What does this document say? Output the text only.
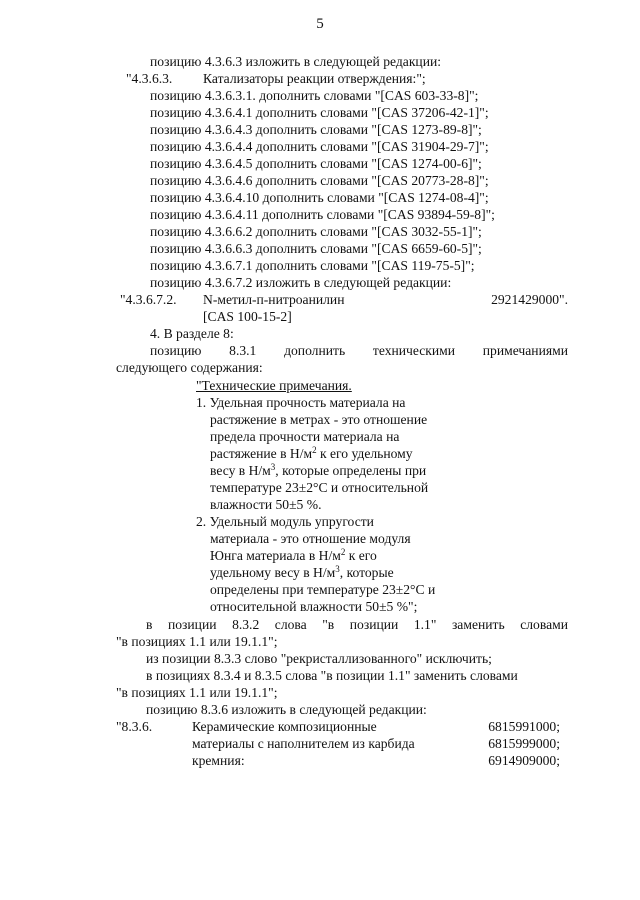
5
позицию 4.3.6.3 изложить в следующей редакции:
"4.3.6.3. Катализаторы реакции отверждения:";
позицию 4.3.6.3.1. дополнить словами "[CAS 603-33-8]";
позицию 4.3.6.4.1 дополнить словами "[CAS 37206-42-1]";
позицию 4.3.6.4.3 дополнить словами "[CAS 1273-89-8]";
позицию 4.3.6.4.4 дополнить словами "[CAS 31904-29-7]";
позицию 4.3.6.4.5 дополнить словами "[CAS 1274-00-6]";
позицию 4.3.6.4.6 дополнить словами "[CAS 20773-28-8]";
позицию 4.3.6.4.10 дополнить словами "[CAS 1274-08-4]";
позицию 4.3.6.4.11 дополнить словами "[CAS 93894-59-8]";
позицию 4.3.6.6.2 дополнить словами "[CAS 3032-55-1]";
позицию 4.3.6.6.3 дополнить словами "[CAS 6659-60-5]";
позицию 4.3.6.7.1 дополнить словами "[CAS 119-75-5]";
позицию 4.3.6.7.2 изложить в следующей редакции:
"4.3.6.7.2. N-метил-п-нитроанилин	2921429000".
[CAS 100-15-2]
4. В разделе 8:
позицию 8.3.1 дополнить техническими примечаниями
следующего содержания:
"Технические примечания.
1. Удельная прочность материала на
растяжение в метрах - это отношение
предела прочности материала на
растяжение в $Н/м^2$ к его удельному
весу в $Н/м^3$, которые определены при
температуре 23±2°С и относительной
влажности 50±5 %.
2. Удельный модуль упругости
материала - это отношение модуля
Юнга материала в $Н/м^2$ к его
удельному весу в $Н/м^3$, которые
определены при температуре 23±2°С и
относительной влажности 50±5 %";
в позиции 8.3.2 слова "в позиции 1.1" заменить словами
"в позициях 1.1 или 19.1.1";
из позиции 8.3.3 слово "рекристаллизованного" исключить;
в позициях 8.3.4 и 8.3.5 слова "в позиции 1.1" заменить словами
"в позициях 1.1 или 19.1.1";
позицию 8.3.6 изложить в следующей редакции:
"8.3.6.	Керамические композиционные
материалы с наполнителем из карбида
кремния:
6815991000;
6815999000;
6914909000;
